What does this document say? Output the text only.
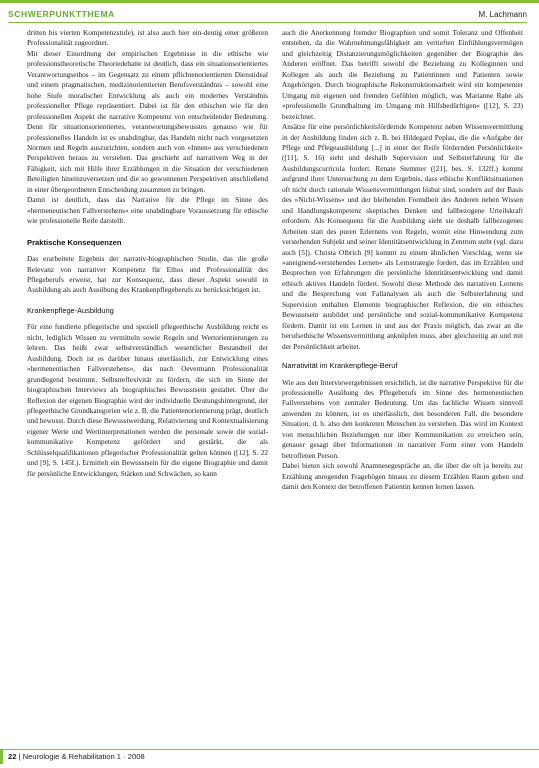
SCHWERPUNKTTHEMA	M. Lachmann

dritten bis vierten Kompetenzstufe), ist also auch hier ein-deutig einer größeren Professionalität zugeordnet.

Mit dieser Einordnung der empirischen Ergebnisse in die ethische wie professionstheoretische Theoriedebatte ist deutlich, dass ein situationsorientiertes Verantwortungsethos – im Gegensatz zu einem pflichtenorientierten Dienstideal und einem pragmatischen, medizinorientierten Berufsverständnis – sowohl eine hohe Stufe moralischer Entwicklung als auch ein modernes Verständnis professioneller Pflege repräsentiert. Dabei ist für den ethischen wie für den professionellen Aspekt die narrative Kompetenz von entscheidender Bedeutung. Denn für situationsorientiertes, verantwortungsbewusstes genauso wie für professionelles Handeln ist es unabdingbar, das Handeln nicht nach vorgesetzten Normen und Regeln auszurichten, sondern auch von »Innen« aus verschiedenen Perspektiven heraus zu verstehen. Das geschieht auf narrativem Weg in der Fähigkeit, sich mit Hilfe ihrer Erzählungen in die Situation der verschiedenen Beteiligten hineinzuversetzen und die so gewonnenen Perspektiven anschließend in einer übergeordneten Entscheidung zusammen zu bringen.

Damit ist deutlich, dass das Narrative für die Pflege im Sinne des »hermeneutischen Fallverstehens« eine unabdingbare Voraussetzung für ethische wie professionelle Reife darstellt.

Praktische Konsequenzen

Das erarbeitete Ergebnis der narrativ-biographischen Studie, das die große Relevanz von narrativer Kompetenz für Ethos und Professionalität des Pflegeberufs erweist, hat zur Konsequenz, dass dieser Aspekt sowohl in Ausbildung als auch Ausübung des Krankenpflegeberufs zu berücksichtigen ist.

Krankenpflege-Ausbildung

Für eine fundierte pflegerische und speziell pflegeethische Ausbildung reicht es nicht, lediglich Wissen zu vermitteln sowie Regeln und Wertorientierungen zu lehren. Das heißt zwar selbstverständlich wesentlicher Bestandteil der Ausbildung. Doch ist es darüber hinaus unerlässlich, zur Entwicklung eines »hermeneutischen Fallverstehens«, das nach Oevermann Professionalität grundlegend bestimmt, Selbstreflexivität zu fördern, die sich im Sinne der biographischen Interviews als biographisches Bewusstsein gestaltet. Über die Reflexion der eigenen Biographie wird der individuelle Deutungshintergrund, der pflegeethische Grundkategorien wie z. B. die Patientenorientierung prägt, deutlich und bewusst. Durch diese Bewusstwerdung, Relativierung und Kontextualisierung eigener Werte und Wertinterpretationen werden die personale sowie die sozial-kommunikative Kompetenz gefördert und gestärkt, die als Schlüsselqualifikationen pflegerischer Professionalität gelten können ([12], S. 22 und [9], S. 145f.). Ermittelt ein Bewusstsein für die eigene Biographie und damit für persönliche Entwicklungen, Stärken und Schwächen, so kann

auch die Anerkennung fremder Biographien und somit Toleranz und Offenheit entstehen, da die Wahrnehmungsfähigkeit am vertieften Einfühlungsvermögen und gleichzeitig Distanzierungsmöglichkeiten gegenüber der Biographie des Anderen eröffnet. Das betrifft sowohl die Beziehung zu Kolleginnen und Kollegen als auch die Beziehung zu Patientinnen und Patienten sowie Angehörigen. Durch biographische Rekonstruktionsarbeit wird ein kompetenter Umgang mit eigenen und fremden Gefühlen möglich, was Marianne Rabe als »professionelle Grundhaltung im Umgang mit Hilfsbedürftigen« ([12], S. 23) bezeichnet.

Ansätze für eine persönlichkeitsfördernde Kompetenz neben Wissensvermittlung in der Ausbildung finden sich z. B. bei Hildegard Peplau, die die »Aufgabe der Pflege und Pflegeausbildung [...] in einer der Reife fördernden Persönlichkeit« ([11], S. 16) sieht und deshalb Supervision und Selbsterfahrung für die Ausbildungscurricula fordert. Renate Stemmer ([21], bes. S. 132ff.) kommt aufgrund ihrer Untersuchung zu dem Ergebnis, dass ethische Konfliktsituationen oft nicht durch rationale Wissensvermittlungen lösbar sind, sondern auf der Basis des »Nicht-Wissens« und der bleibenden Fremdheit des Anderen neben Wissen und Handlungskompetenz skeptisches Denken und fallbezogene Urteilskraft erfordern. Als Konsequenz für die Ausbildung sieht sie deshalb fallbezogenes Arbeiten statt des puren Erlernens von Regeln, womit eine Hinwendung zum verstehenden Subjekt und seiner Identitätsentwicklung in Zentrum steht (vgl. dazu auch [5]). Christa Olbrich [9] kommt zu einem ähnlichen Vorschlag, wenn sie »aneignend-verstehendes Lernen« als Lernstrategie fordert, das im Erzählen und Besprechen von Erfahrungen die persönliche Identitätsentwicklung und damit ethisch aktives Handeln fördert. Sowohl diese Methode des narrativen Lernens und die Besprechung von Fallanalysen als auch die Selbsterfahrung und Supervision enthalten Elemente biographischer Reflexion, die ein ethisches Bewusstsein ausbildet und persönliche und sozial-kommunikative Kompetenz fördern. Damit ist ein Lernen in und aus der Praxis möglich, das zwar an die berufsethische Wissensvermittlung anknüpfen muss, aber gleichzeitig an und mit der Persönlichkeit arbeitet.

Narrativität im Krankenpflege-Beruf

Wie aus den Interviewergebnissen ersichtlich, ist die narrative Perspektive für die professionelle Ausübung des Pflegeberufs im Sinne des hermeneutischen Fallverstehens von zentraler Bedeutung. Um das fachliche Wissen sinnvoll anwenden zu können, ist es unerlässlich, den besonderen Fall, die besondere Situation, d. h. also den konkreten Menschen zu verstehen. Das wird im Kontext von menschlichen Beziehungen nur über Kommunikation zu erreichen sein, genauer gesagt über Informationen in narrativer Form einer vom Handeln betroffenen Person.

Dabei bieten sich sowohl Anamnesegespräche an, die über die oft ja bereits zur Erzählung anregenden Fragebögen hinaus zu diesem Erzählen Raum geben und damit den Kontext der betroffenen Patientin kennen lernen lassen.

22 | Neurologie & Rehabilitation 1 · 2008
